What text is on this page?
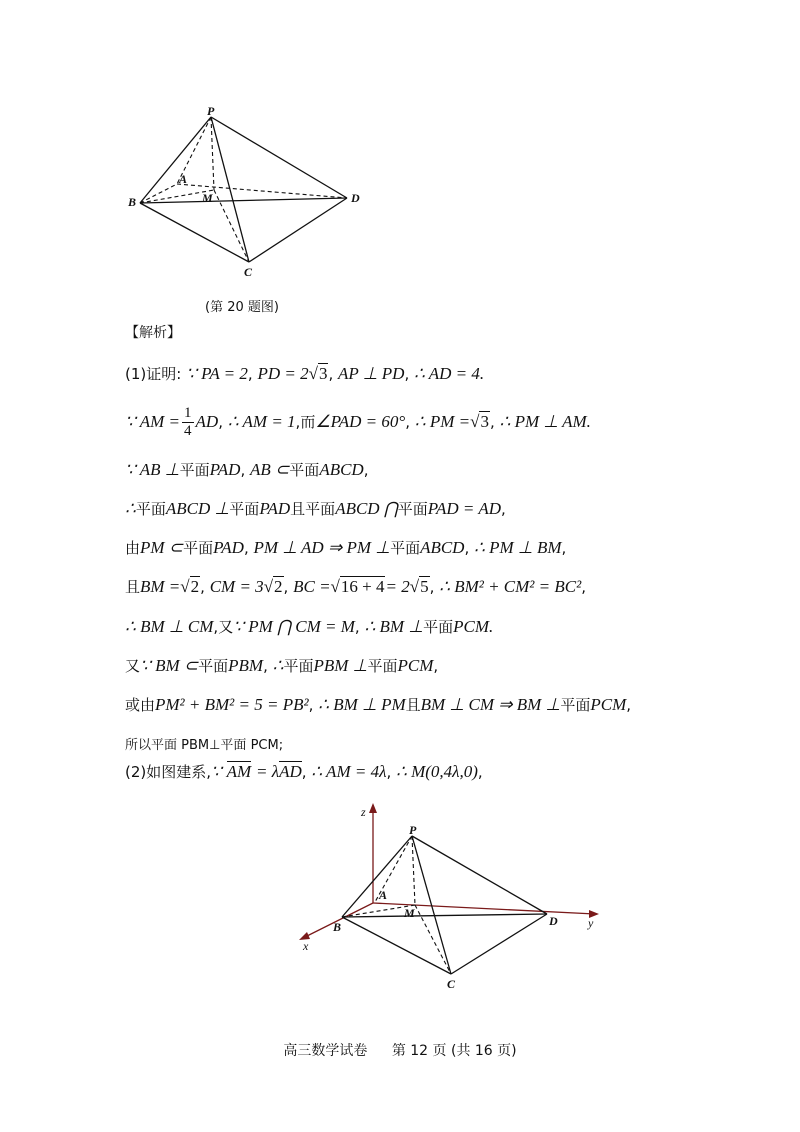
P
A
B	M	D
C
(第 20 题图)
【解析】
(1)证明: ∵ PA = 2, PD = 2√3, AP ⊥ PD, ∴ AD = 4.
∵ AM = $\frac{1}{4}$ AD, ∴ AM = 1,而∠PAD = 60°, ∴ PM =√3, ∴ PM ⊥ AM.
∵ AB ⊥平面PAD, AB ⊂平面ABCD,
∴平面ABCD ⊥平面PAD且平面ABCD ⋂平面PAD = AD,
由PM ⊂平面PAD, PM ⊥ AD ⇒ PM ⊥平面ABCD, ∴ PM ⊥ BM,
且BM =√2, CM = 3√2, BC =√16 + 4= 2√5, ∴ BM² + CM² = BC²,
∴ BM ⊥ CM,又∵ PM ⋂ CM = M, ∴ BM ⊥平面PCM.
又∵ BM ⊂平面PBM, ∴平面PBM ⊥平面PCM,
或由PM² + BM² = 5 = PB², ∴ BM ⊥ PM且BM ⊥ CM ⇒ BM ⊥平面PCM,
所以平面 PBM⊥平面 PCM;
(2)如图建系,∵ AM = λAD, ∴ AM = 4λ, ∴ M(0,4λ,0),
P
A
B
M
D
C
x
y
z
高三数学试卷 第 12 页 (共 16 页)
